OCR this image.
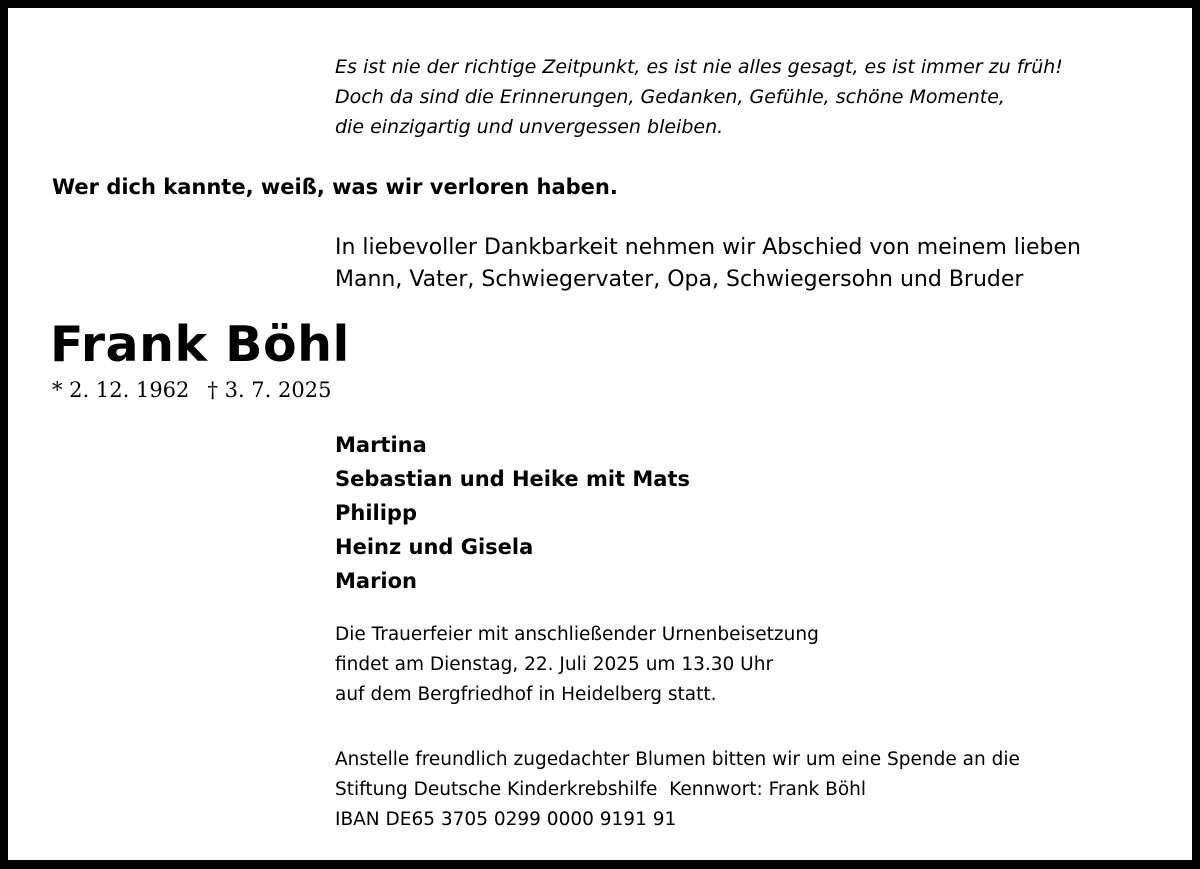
Es ist nie der richtige Zeitpunkt, es ist nie alles gesagt, es ist immer zu früh!

Doch da sind die Erinnerungen, Gedanken, Gefühle, schöne Momente,

die einzigartig und unvergessen bleiben.

Wer dich kannte, weiß, was wir verloren haben.

In liebevoller Dankbarkeit nehmen wir Abschied von meinem lieben

Mann, Vater, Schwiegervater, Opa, Schwiegersohn und Bruder

Frank Böhl

* 2. 12. 1962 † 3. 7. 2025

Martina

Sebastian und Heike mit Mats

Philipp

Heinz und Gisela

Marion

Die Trauerfeier mit anschließender Urnenbeisetzung

findet am Dienstag, 22. Juli 2025 um 13.30 Uhr

auf dem Bergfriedhof in Heidelberg statt.

Anstelle freundlich zugedachter Blumen bitten wir um eine Spende an die

Stiftung Deutsche Kinderkrebshilfe  Kennwort: Frank Böhl

IBAN DE65 3705 0299 0000 9191 91
